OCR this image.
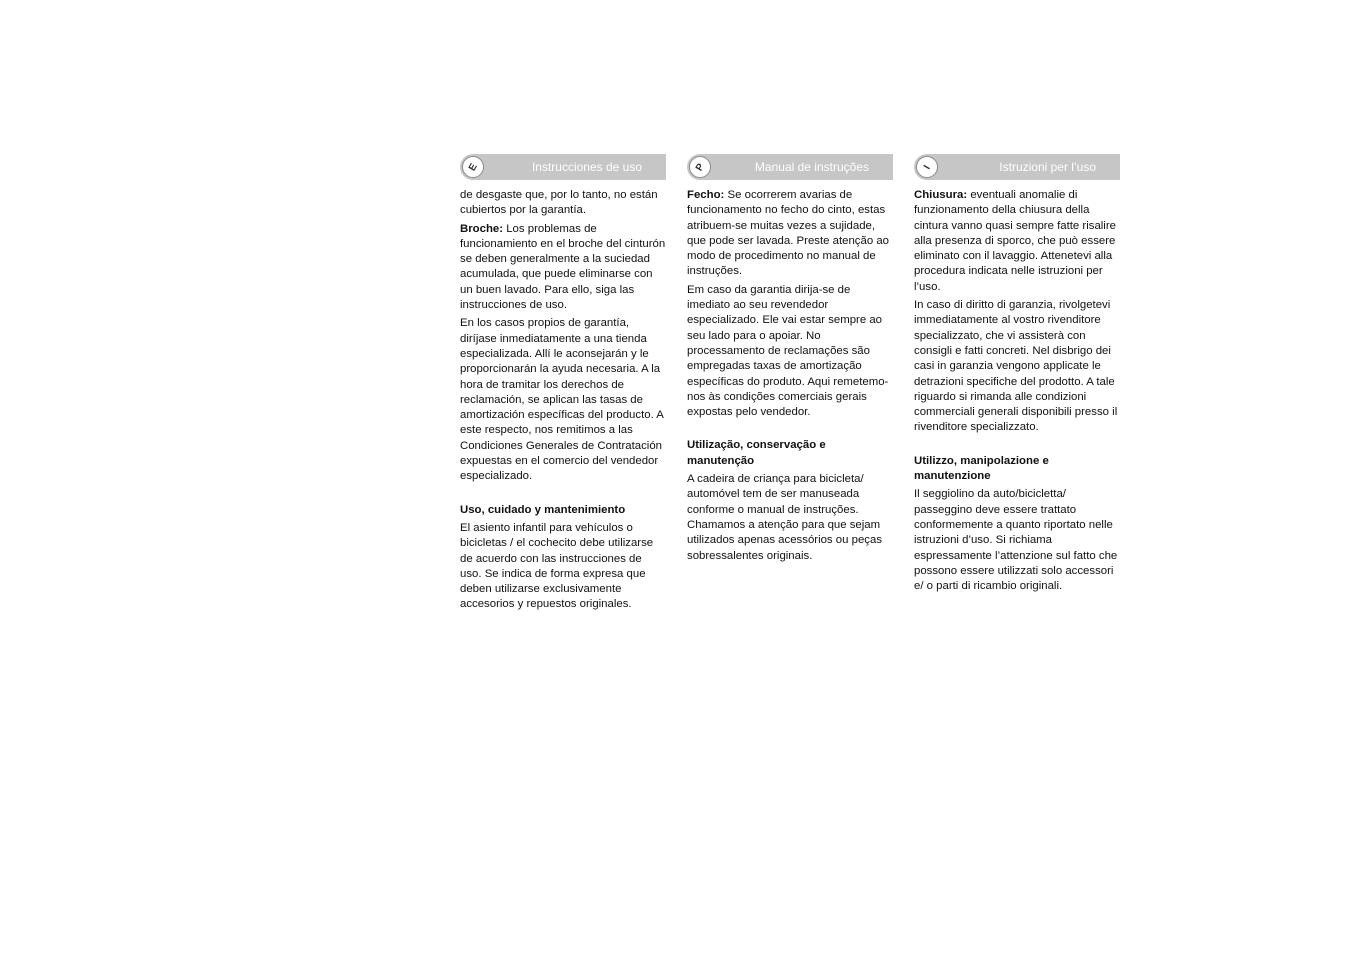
E	Instrucciones de uso

de desgaste que, por lo tanto, no están cubiertos por la garantía.

Broche: Los problemas de funcionamiento en el broche del cinturón se deben generalmente a la suciedad acumulada, que puede eliminarse con un buen lavado. Para ello, siga las instrucciones de uso.

En los casos propios de garantía, diríjase inmediatamente a una tienda especializada. Allí le aconsejarán y le proporcionarán la ayuda necesaria. A la hora de tramitar los derechos de reclamación, se aplican las tasas de amortización específicas del producto. A este respecto, nos remitimos a las Condiciones Generales de Contratación expuestas en el comercio del vendedor especializado.

Uso, cuidado y mantenimiento

El asiento infantil para vehículos o bicicletas / el cochecito debe utilizarse de acuerdo con las instrucciones de uso. Se indica de forma expresa que deben utilizarse exclusivamente accesorios y repuestos originales.

P	Manual de instruções

Fecho: Se ocorrerem avarias de funcionamento no fecho do cinto, estas atribuem-se muitas vezes a sujidade, que pode ser lavada. Preste atenção ao modo de procedimento no manual de instruções.

Em caso da garantia dirija-se de imediato ao seu revendedor especializado. Ele vai estar sempre ao seu lado para o apoiar. No processamento de reclamações são empregadas taxas de amortização específicas do produto. Aqui remetemo-nos às condições comerciais gerais expostas pelo vendedor.

Utilização, conservação e manutenção

A cadeira de criança para bicicleta/ automóvel tem de ser manuseada conforme o manual de instruções. Chamamos a atenção para que sejam utilizados apenas acessórios ou peças sobressalentes originais.

I	Istruzioni per l’uso

Chiusura: eventuali anomalie di funzionamento della chiusura della cintura vanno quasi sempre fatte risalire alla presenza di sporco, che può essere eliminato con il lavaggio. Attenetevi alla procedura indicata nelle istruzioni per l’uso.

In caso di diritto di garanzia, rivolgetevi immediatamente al vostro rivenditore specializzato, che vi assisterà con consigli e fatti concreti. Nel disbrigo dei casi in garanzia vengono applicate le detrazioni specifiche del prodotto. A tale riguardo si rimanda alle condizioni commerciali generali disponibili presso il rivenditore specializzato.

Utilizzo, manipolazione e manutenzione

Il seggiolino da auto/bicicletta/ passeggino deve essere trattato conformemente a quanto riportato nelle istruzioni d’uso. Si richiama espressamente l’attenzione sul fatto che possono essere utilizzati solo accessori e/ o parti di ricambio originali.
